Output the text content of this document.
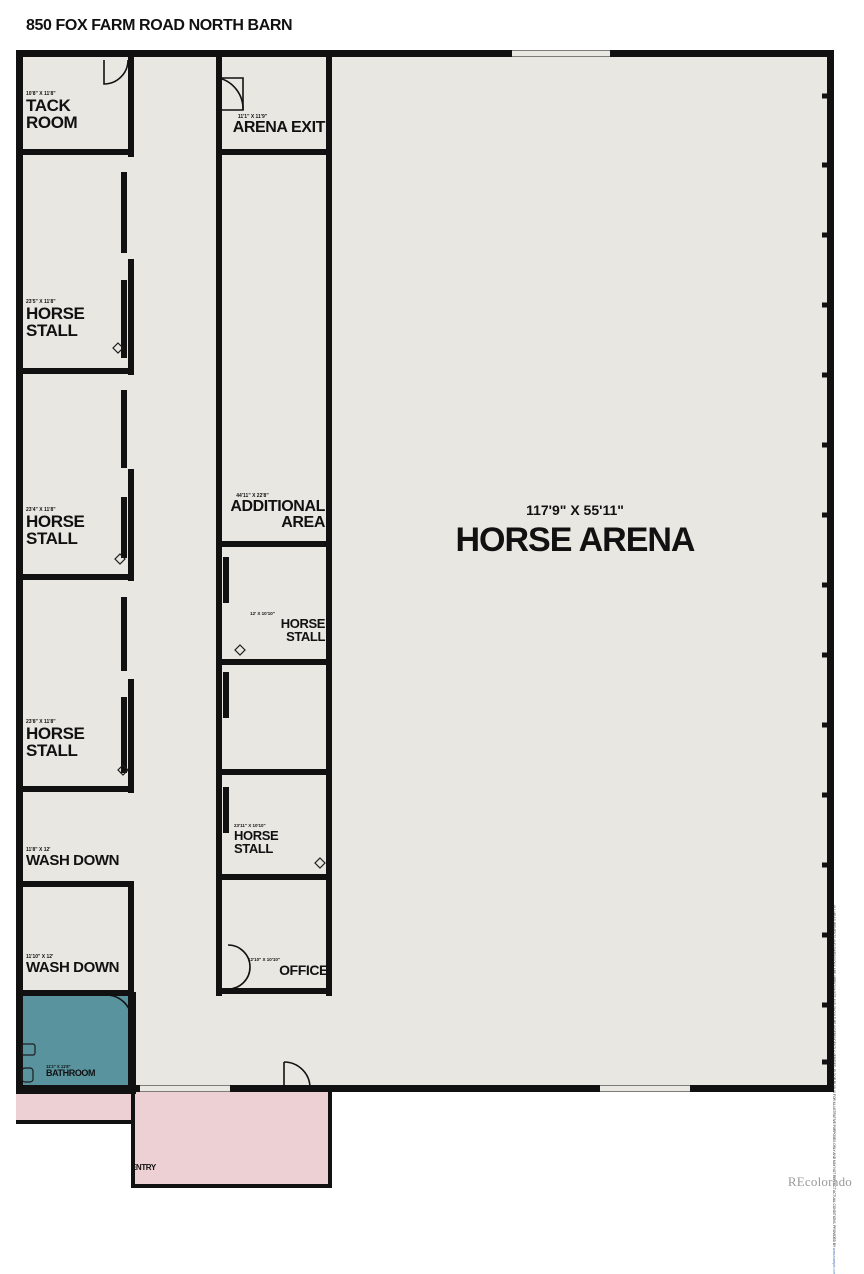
850 FOX FARM ROAD NORTH BARN
10'8" X 11'8"
TACK
ROOM	11'1" X 11'9"
ARENA EXIT
23'5" X 11'8"
HORSE
STALL
23'4" X 11'8"
HORSE
STALL
44'11" X 22'8"
ADDITIONAL
AREA
12' X 10'10"
HORSE
STALL
23'8" X 11'8"
HORSE
STALL
23'11" X 10'10"
HORSE
STALL
11'8" X 12'
WASH DOWN
11'10" X 12'
WASH DOWN	12'10" X 10'10"
OFFICE
11'2" X 11'8"
BATHROOM
117'9" X 55'11"
HORSE ARENA
ENTRY	ALL MEASUREMENTS AND DIMENSIONS ARE APPROXIMATE AND SHOULD BE INDEPENDENTLY VERIFIED. FLOOR PLAN IS FOR ILLUSTRATIVE PURPOSES ONLY AND MAY NOT REFLECT ACTUAL CONDITIONS. PROVIDED BY www.example.com
REcolorado
